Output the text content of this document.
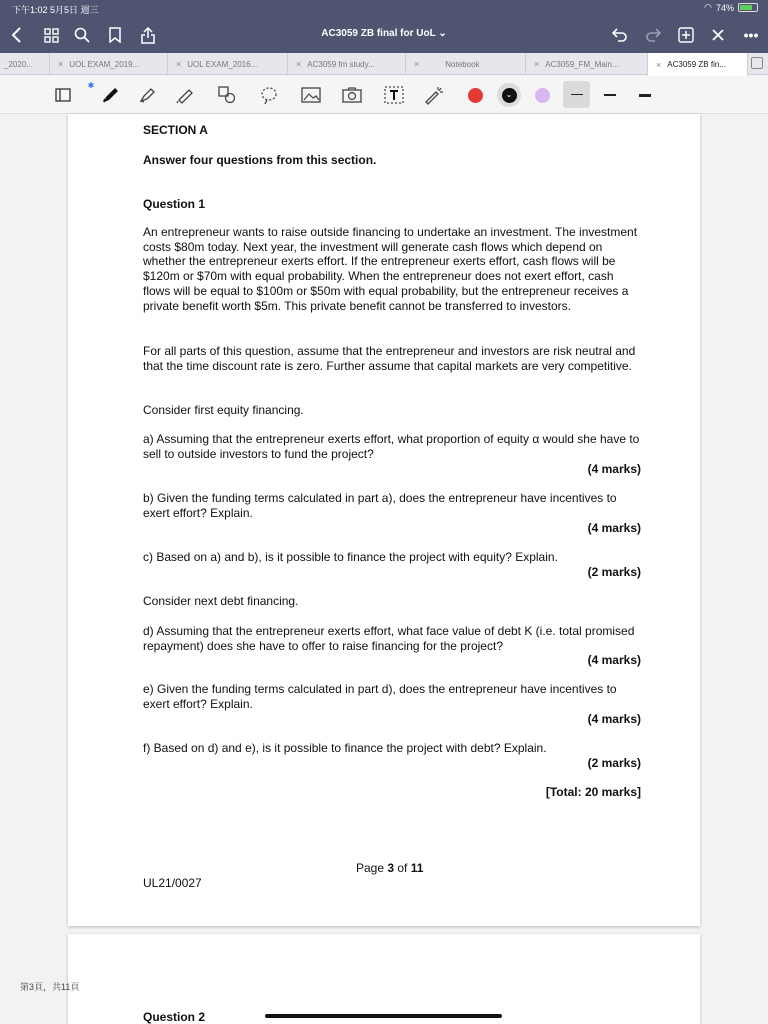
下午1:02 5月5日 週三	◠ 74%
AC3059 ZB final for UoL ⌄	•••
_2020...	× UOL EXAM_2019...	× UOL EXAM_2016...	× AC3059 fm study...	×	Notebook	× AC3059_FM_Main...	× AC3059 ZB fin...
✱
⌄
SECTION A
Answer four questions from this section.
Question 1
An entrepreneur wants to raise outside financing to undertake an investment. The investment costs $80m today. Next year, the investment will generate cash flows which depend on whether the entrepreneur exerts effort. If the entrepreneur exerts effort, cash flows will be $120m or $70m with equal probability. When the entrepreneur does not exert effort, cash flows will be equal to $100m or $50m with equal probability, but the entrepreneur receives a private benefit worth $5m. This private benefit cannot be transferred to investors.
For all parts of this question, assume that the entrepreneur and investors are risk neutral and that the time discount rate is zero. Further assume that capital markets are very competitive.
Consider first equity financing.
a) Assuming that the entrepreneur exerts effort, what proportion of equity α would she have to sell to outside investors to fund the project?
(4 marks)
b) Given the funding terms calculated in part a), does the entrepreneur have incentives to exert effort? Explain.
(4 marks)
c) Based on a) and b), is it possible to finance the project with equity? Explain.
(2 marks)
Consider next debt financing.
d) Assuming that the entrepreneur exerts effort, what face value of debt K (i.e. total promised repayment) does she have to offer to raise financing for the project?
(4 marks)
e) Given the funding terms calculated in part d), does the entrepreneur have incentives to exert effort? Explain.
(4 marks)
f) Based on d) and e), is it possible to finance the project with debt? Explain.
(2 marks)
[Total: 20 marks]
Page 3 of 11
UL21/0027
Question 2
第3頁，共11頁
